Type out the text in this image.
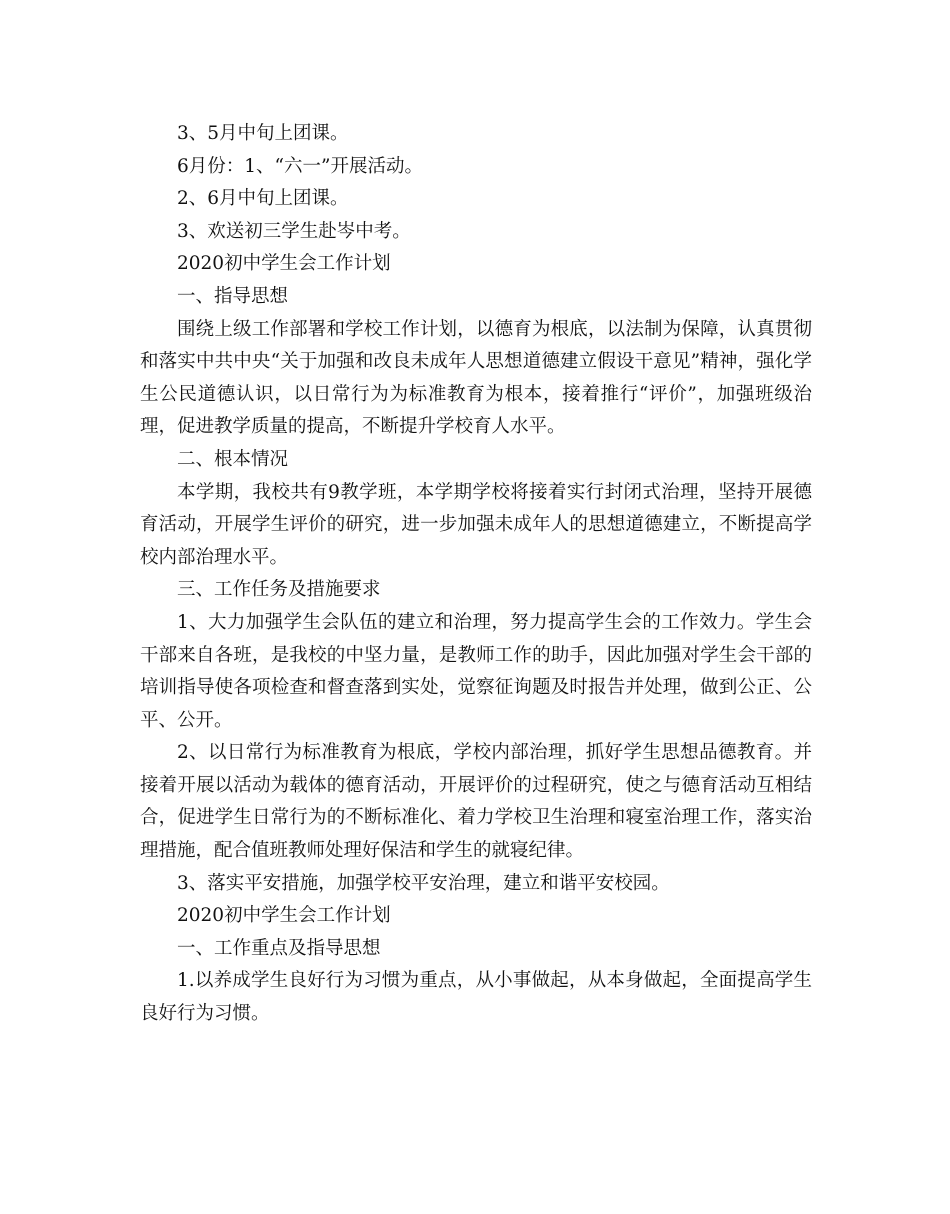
3、5月中旬上团课。

6月份：1、“六一”开展活动。

2、6月中旬上团课。

3、欢送初三学生赴岑中考。

2020初中学生会工作计划

一、指导思想

围绕上级工作部署和学校工作计划，以德育为根底，以法制为保障，认真贯彻和落实中共中央“关于加强和改良未成年人思想道德建立假设干意见”精神，强化学生公民道德认识，以日常行为为标准教育为根本，接着推行“评价”，加强班级治理，促进教学质量的提高，不断提升学校育人水平。

二、根本情况

本学期，我校共有9教学班，本学期学校将接着实行封闭式治理，坚持开展德育活动，开展学生评价的研究，进一步加强未成年人的思想道德建立，不断提高学校内部治理水平。

三、工作任务及措施要求

1、大力加强学生会队伍的建立和治理，努力提高学生会的工作效力。学生会干部来自各班，是我校的中坚力量，是教师工作的助手，因此加强对学生会干部的培训指导使各项检查和督查落到实处，觉察征询题及时报告并处理，做到公正、公平、公开。

2、以日常行为标准教育为根底，学校内部治理，抓好学生思想品德教育。并接着开展以活动为载体的德育活动，开展评价的过程研究，使之与德育活动互相结合，促进学生日常行为的不断标准化、着力学校卫生治理和寝室治理工作，落实治理措施，配合值班教师处理好保洁和学生的就寝纪律。

3、落实平安措施，加强学校平安治理，建立和谐平安校园。

2020初中学生会工作计划

一、工作重点及指导思想

1.以养成学生良好行为习惯为重点，从小事做起，从本身做起，全面提高学生良好行为习惯。
